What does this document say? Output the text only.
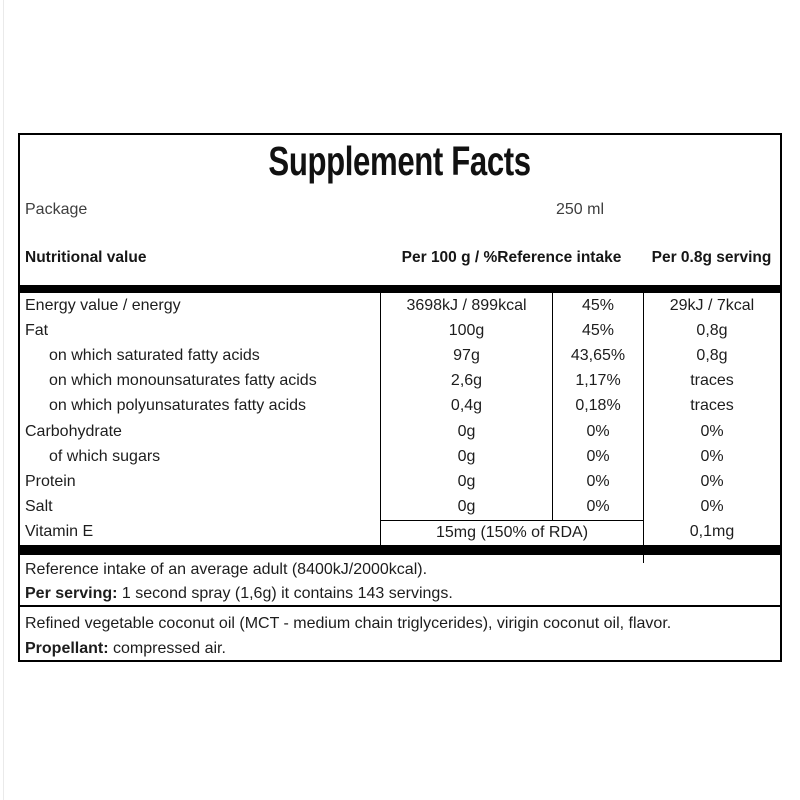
Supplement Facts
Package	250 ml
Nutritional value	Per 100 g / %Reference intake	Per 0.8g serving
Energy value / energy	3698kJ / 899kcal	45%	29kJ / 7kcal
Fat	100g	45%	0,8g
on which saturated fatty acids	97g	43,65%	0,8g
on which monounsaturates fatty acids	2,6g	1,17%	traces
on which polyunsaturates fatty acids	0,4g	0,18%	traces
Carbohydrate	0g	0%	0%
of which sugars	0g	0%	0%
Protein	0g	0%	0%
Salt	0g	0%	0%
Vitamin E	15mg (150% of RDA)	0,1mg
Reference intake of an average adult (8400kJ/2000kcal).
Per serving: 1 second spray (1,6g) it contains 143 servings.
Refined vegetable coconut oil (MCT - medium chain triglycerides), virigin coconut oil, flavor.
Propellant: compressed air.
